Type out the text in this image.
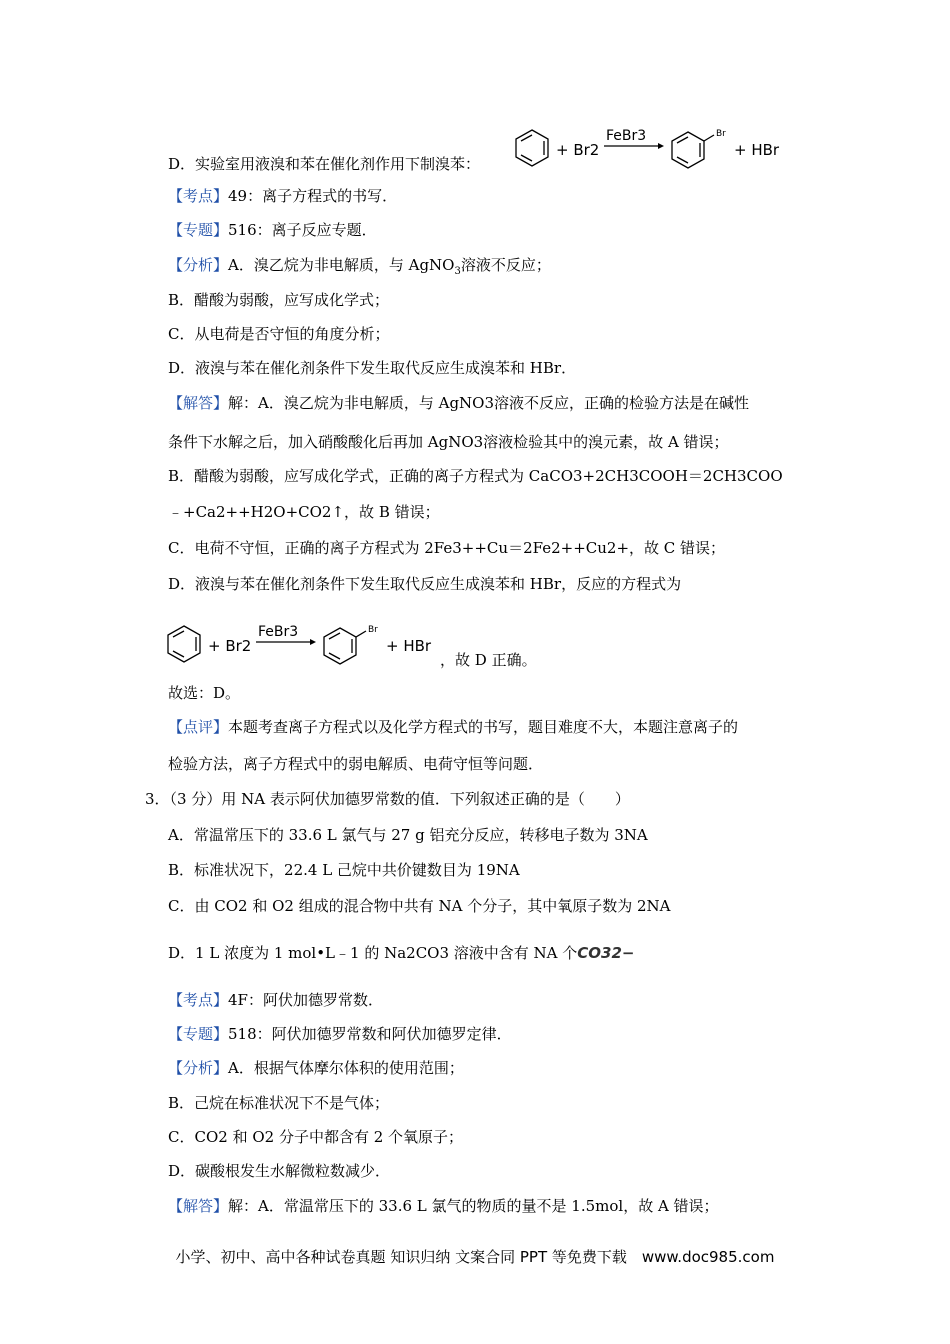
D．实验室用液溴和苯在催化剂作用下制溴苯：
+ Br2
FeBr3	Br
+ HBr
【考点】49：离子方程式的书写．
【专题】516：离子反应专题．
【分析】A．溴乙烷为非电解质，与 AgNO$_3$溶液不反应；
B．醋酸为弱酸，应写成化学式；
C．从电荷是否守恒的角度分析；
D．液溴与苯在催化剂条件下发生取代反应生成溴苯和 HBr．
【解答】解：A．溴乙烷为非电解质，与 AgNO3溶液不反应，正确的检验方法是在碱性
条件下水解之后，加入硝酸酸化后再加 AgNO3溶液检验其中的溴元素，故 A 错误；
B．醋酸为弱酸，应写成化学式，正确的离子方程式为 CaCO3+2CH3COOH＝2CH3COO
﹣+Ca2++H2O+CO2↑，故 B 错误；
C．电荷不守恒，正确的离子方程式为 2Fe3++Cu＝2Fe2++Cu2+，故 C 错误；
D．液溴与苯在催化剂条件下发生取代反应生成溴苯和 HBr，反应的方程式为
+ Br2
FeBr3	Br
+ HBr
，故 D 正确。
故选：D。
【点评】本题考查离子方程式以及化学方程式的书写，题目难度不大，本题注意离子的
检验方法，离子方程式中的弱电解质、电荷守恒等问题．
3．（3 分）用 NA 表示阿伏加德罗常数的值．下列叙述正确的是（　　）
A．常温常压下的 33.6 L 氯气与 27 g 铝充分反应，转移电子数为 3NA
B．标准状况下，22.4 L 己烷中共价键数目为 19NA
C．由 CO2 和 O2 组成的混合物中共有 NA 个分子，其中氧原子数为 2NA
D．1 L 浓度为 1 mol•L﹣1 的 Na2CO3 溶液中含有 NA 个CO32−
【考点】4F：阿伏加德罗常数．
【专题】518：阿伏加德罗常数和阿伏加德罗定律．
【分析】A．根据气体摩尔体积的使用范围；
B．己烷在标准状况下不是气体；
C．CO2 和 O2 分子中都含有 2 个氧原子；
D．碳酸根发生水解微粒数减少．
【解答】解：A．常温常压下的 33.6 L 氯气的物质的量不是 1.5mol，故 A 错误；
小学、初中、高中各种试卷真题 知识归纳 文案合同 PPT 等免费下载　www.doc985.com
